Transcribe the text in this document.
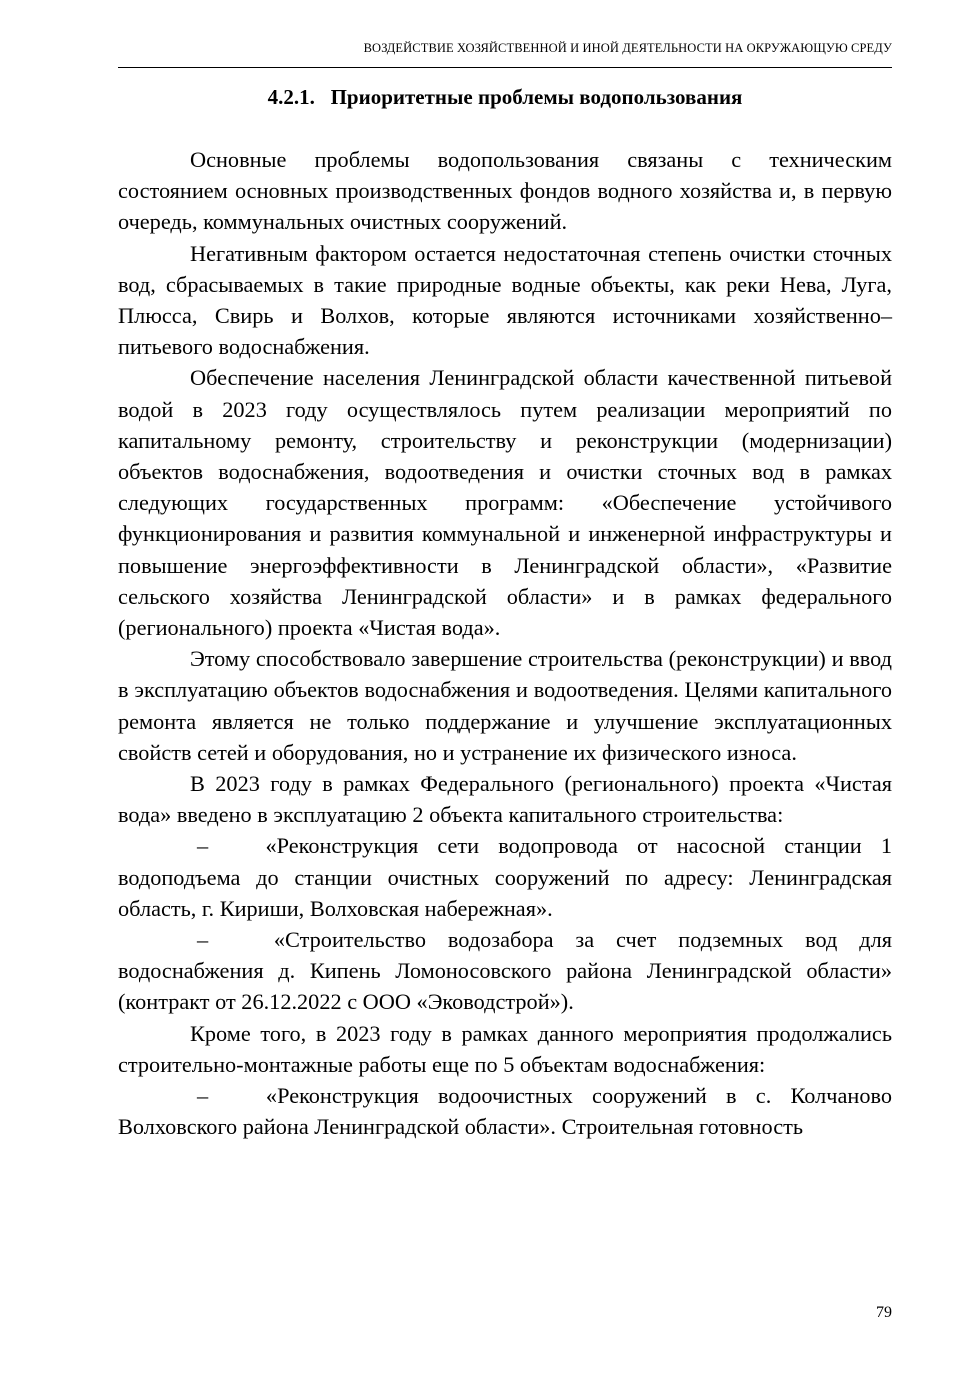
ВОЗДЕЙСТВИЕ ХОЗЯЙСТВЕННОЙ И ИНОЙ ДЕЯТЕЛЬНОСТИ НА ОКРУЖАЮЩУЮ СРЕДУ
4.2.1.   Приоритетные проблемы водопользования

Основные проблемы водопользования связаны с техническим состоянием основных производственных фондов водного хозяйства и, в первую очередь, коммунальных очистных сооружений.

Негативным фактором остается недостаточная степень очистки сточных вод, сбрасываемых в такие природные водные объекты, как реки Нева, Луга, Плюсса, Свирь и Волхов, которые являются источниками хозяйственно–питьевого водоснабжения.

Обеспечение населения Ленинградской области качественной питьевой водой в 2023 году осуществлялось путем реализации мероприятий по капитальному ремонту, строительству и реконструкции (модернизации) объектов водоснабжения, водоотведения и очистки сточных вод в рамках следующих государственных программ: «Обеспечение устойчивого функционирования и развития коммунальной и инженерной инфраструктуры и повышение энергоэффективности в Ленинградской области», «Развитие сельского хозяйства Ленинградской области» и в рамках федерального (регионального) проекта «Чистая вода».

Этому способствовало завершение строительства (реконструкции) и ввод в эксплуатацию объектов водоснабжения и водоотведения. Целями капитального ремонта является не только поддержание и улучшение эксплуатационных свойств сетей и оборудования, но и устранение их физического износа.

В 2023 году в рамках Федерального (регионального) проекта «Чистая вода» введено в эксплуатацию 2 объекта капитального строительства:

–   «Реконструкция сети водопровода от насосной станции 1 водоподъема до станции очистных сооружений по адресу: Ленинградская область, г. Кириши, Волховская набережная».

–   «Строительство водозабора за счет подземных вод для водоснабжения д. Кипень Ломоносовского района Ленинградской области» (контракт от 26.12.2022 с ООО «Эководстрой»).

Кроме того, в 2023 году в рамках данного мероприятия продолжались строительно-монтажные работы еще по 5 объектам водоснабжения:

–   «Реконструкция водоочистных сооружений в с. Колчаново Волховского района Ленинградской области». Строительная готовность

79
